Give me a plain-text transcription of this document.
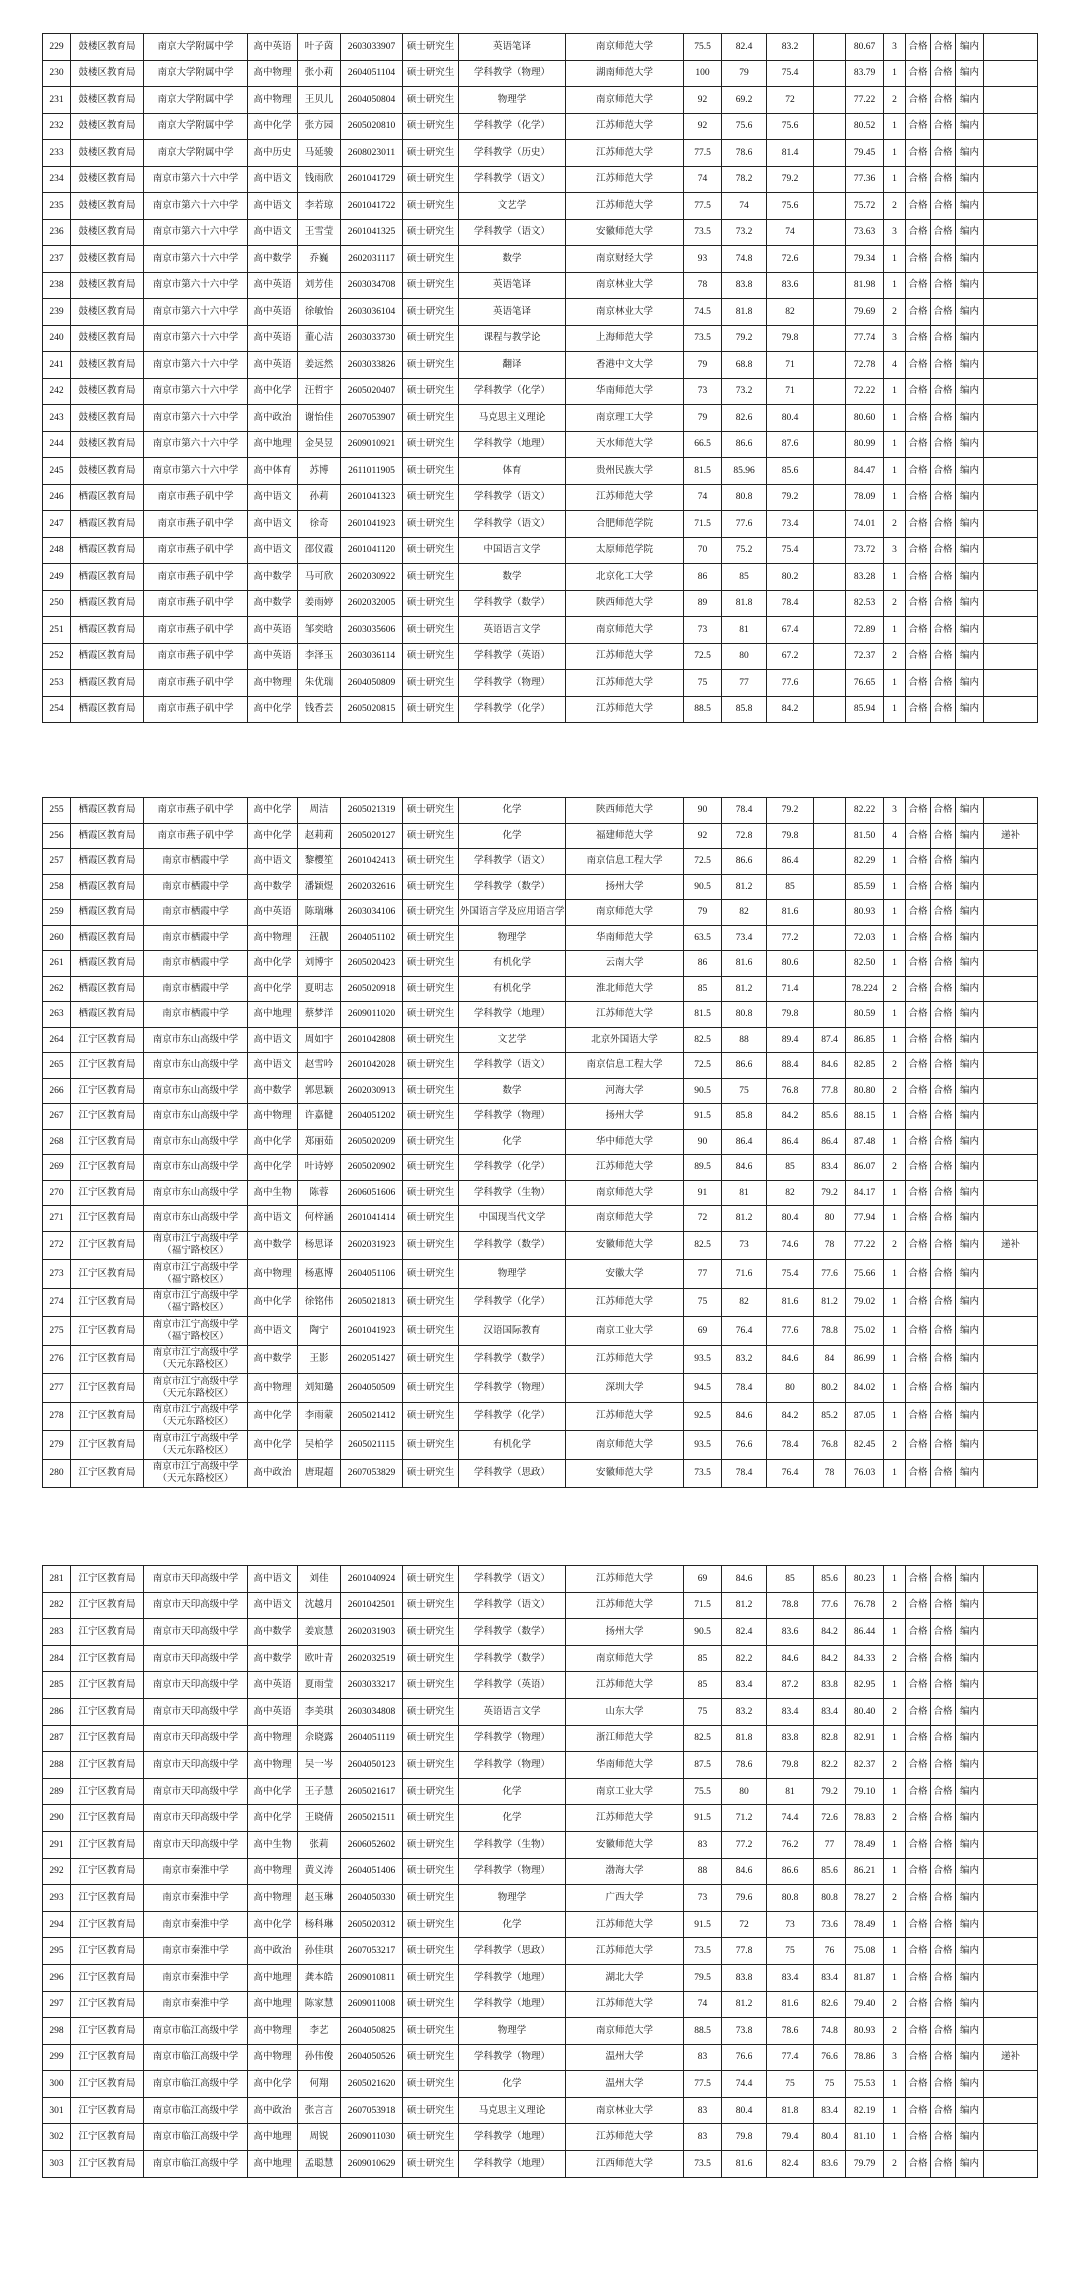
229	鼓楼区教育局	南京大学附属中学	高中英语	叶子茵	2603033907	硕士研究生	英语笔译	南京师范大学	75.5	82.4	83.2		80.67	3	合格	合格	编内	
230	鼓楼区教育局	南京大学附属中学	高中物理	张小莉	2604051104	硕士研究生	学科教学（物理）	湖南师范大学	100	79	75.4		83.79	1	合格	合格	编内	
231	鼓楼区教育局	南京大学附属中学	高中物理	王贝儿	2604050804	硕士研究生	物理学	南京师范大学	92	69.2	72		77.22	2	合格	合格	编内	
232	鼓楼区教育局	南京大学附属中学	高中化学	张方园	2605020810	硕士研究生	学科教学（化学）	江苏师范大学	92	75.6	75.6		80.52	1	合格	合格	编内	
233	鼓楼区教育局	南京大学附属中学	高中历史	马延骏	2608023011	硕士研究生	学科教学（历史）	江苏师范大学	77.5	78.6	81.4		79.45	1	合格	合格	编内	
234	鼓楼区教育局	南京市第六十六中学	高中语文	钱雨欣	2601041729	硕士研究生	学科教学（语文）	江苏师范大学	74	78.2	79.2		77.36	1	合格	合格	编内	
235	鼓楼区教育局	南京市第六十六中学	高中语文	李若琼	2601041722	硕士研究生	文艺学	江苏师范大学	77.5	74	75.6		75.72	2	合格	合格	编内	
236	鼓楼区教育局	南京市第六十六中学	高中语文	王雪莹	2601041325	硕士研究生	学科教学（语文）	安徽师范大学	73.5	73.2	74		73.63	3	合格	合格	编内	
237	鼓楼区教育局	南京市第六十六中学	高中数学	乔巍	2602031117	硕士研究生	数学	南京财经大学	93	74.8	72.6		79.34	1	合格	合格	编内	
238	鼓楼区教育局	南京市第六十六中学	高中英语	刘芳佳	2603034708	硕士研究生	英语笔译	南京林业大学	78	83.8	83.6		81.98	1	合格	合格	编内	
239	鼓楼区教育局	南京市第六十六中学	高中英语	徐敏怡	2603036104	硕士研究生	英语笔译	南京林业大学	74.5	81.8	82		79.69	2	合格	合格	编内	
240	鼓楼区教育局	南京市第六十六中学	高中英语	董心洁	2603033730	硕士研究生	课程与教学论	上海师范大学	73.5	79.2	79.8		77.74	3	合格	合格	编内	
241	鼓楼区教育局	南京市第六十六中学	高中英语	姜远然	2603033826	硕士研究生	翻译	香港中文大学	79	68.8	71		72.78	4	合格	合格	编内	
242	鼓楼区教育局	南京市第六十六中学	高中化学	汪哲宇	2605020407	硕士研究生	学科教学（化学）	华南师范大学	73	73.2	71		72.22	1	合格	合格	编内	
243	鼓楼区教育局	南京市第六十六中学	高中政治	谢怡佳	2607053907	硕士研究生	马克思主义理论	南京理工大学	79	82.6	80.4		80.60	1	合格	合格	编内	
244	鼓楼区教育局	南京市第六十六中学	高中地理	金昊昱	2609010921	硕士研究生	学科教学（地理）	天水师范大学	66.5	86.6	87.6		80.99	1	合格	合格	编内	
245	鼓楼区教育局	南京市第六十六中学	高中体育	苏博	2611011905	硕士研究生	体育	贵州民族大学	81.5	85.96	85.6		84.47	1	合格	合格	编内	
246	栖霞区教育局	南京市燕子矶中学	高中语文	孙莉	2601041323	硕士研究生	学科教学（语文）	江苏师范大学	74	80.8	79.2		78.09	1	合格	合格	编内	
247	栖霞区教育局	南京市燕子矶中学	高中语文	徐奇	2601041923	硕士研究生	学科教学（语文）	合肥师范学院	71.5	77.6	73.4		74.01	2	合格	合格	编内	
248	栖霞区教育局	南京市燕子矶中学	高中语文	邵仪霞	2601041120	硕士研究生	中国语言文学	太原师范学院	70	75.2	75.4		73.72	3	合格	合格	编内	
249	栖霞区教育局	南京市燕子矶中学	高中数学	马可欣	2602030922	硕士研究生	数学	北京化工大学	86	85	80.2		83.28	1	合格	合格	编内	
250	栖霞区教育局	南京市燕子矶中学	高中数学	姜雨婷	2602032005	硕士研究生	学科教学（数学）	陕西师范大学	89	81.8	78.4		82.53	2	合格	合格	编内	
251	栖霞区教育局	南京市燕子矶中学	高中英语	邹奕晗	2603035606	硕士研究生	英语语言文学	南京师范大学	73	81	67.4		72.89	1	合格	合格	编内	
252	栖霞区教育局	南京市燕子矶中学	高中英语	李泽玉	2603036114	硕士研究生	学科教学（英语）	江苏师范大学	72.5	80	67.2		72.37	2	合格	合格	编内	
253	栖霞区教育局	南京市燕子矶中学	高中物理	朱优瑞	2604050809	硕士研究生	学科教学（物理）	江苏师范大学	75	77	77.6		76.65	1	合格	合格	编内	
254	栖霞区教育局	南京市燕子矶中学	高中化学	钱香芸	2605020815	硕士研究生	学科教学（化学）	江苏师范大学	88.5	85.8	84.2		85.94	1	合格	合格	编内	
255	栖霞区教育局	南京市燕子矶中学	高中化学	周洁	2605021319	硕士研究生	化学	陕西师范大学	90	78.4	79.2		82.22	3	合格	合格	编内	
256	栖霞区教育局	南京市燕子矶中学	高中化学	赵莉莉	2605020127	硕士研究生	化学	福建师范大学	92	72.8	79.8		81.50	4	合格	合格	编内	递补
257	栖霞区教育局	南京市栖霞中学	高中语文	黎樱笙	2601042413	硕士研究生	学科教学（语文）	南京信息工程大学	72.5	86.6	86.4		82.29	1	合格	合格	编内	
258	栖霞区教育局	南京市栖霞中学	高中数学	潘颖煜	2602032616	硕士研究生	学科教学（数学）	扬州大学	90.5	81.2	85		85.59	1	合格	合格	编内	
259	栖霞区教育局	南京市栖霞中学	高中英语	陈瑞琳	2603034106	硕士研究生	外国语言学及应用语言学	南京师范大学	79	82	81.6		80.93	1	合格	合格	编内	
260	栖霞区教育局	南京市栖霞中学	高中物理	汪靓	2604051102	硕士研究生	物理学	华南师范大学	63.5	73.4	77.2		72.03	1	合格	合格	编内	
261	栖霞区教育局	南京市栖霞中学	高中化学	刘博宇	2605020423	硕士研究生	有机化学	云南大学	86	81.6	80.6		82.50	1	合格	合格	编内	
262	栖霞区教育局	南京市栖霞中学	高中化学	夏明志	2605020918	硕士研究生	有机化学	淮北师范大学	85	81.2	71.4		78.224	2	合格	合格	编内	
263	栖霞区教育局	南京市栖霞中学	高中地理	蔡梦洋	2609011020	硕士研究生	学科教学（地理）	江苏师范大学	81.5	80.8	79.8		80.59	1	合格	合格	编内	
264	江宁区教育局	南京市东山高级中学	高中语文	周如宇	2601042808	硕士研究生	文艺学	北京外国语大学	82.5	88	89.4	87.4	86.85	1	合格	合格	编内	
265	江宁区教育局	南京市东山高级中学	高中语文	赵雪吟	2601042028	硕士研究生	学科教学（语文）	南京信息工程大学	72.5	86.6	88.4	84.6	82.85	2	合格	合格	编内	
266	江宁区教育局	南京市东山高级中学	高中数学	郭思颖	2602030913	硕士研究生	数学	河海大学	90.5	75	76.8	77.8	80.80	2	合格	合格	编内	
267	江宁区教育局	南京市东山高级中学	高中物理	许嘉健	2604051202	硕士研究生	学科教学（物理）	扬州大学	91.5	85.8	84.2	85.6	88.15	1	合格	合格	编内	
268	江宁区教育局	南京市东山高级中学	高中化学	郑丽茹	2605020209	硕士研究生	化学	华中师范大学	90	86.4	86.4	86.4	87.48	1	合格	合格	编内	
269	江宁区教育局	南京市东山高级中学	高中化学	叶诗婷	2605020902	硕士研究生	学科教学（化学）	江苏师范大学	89.5	84.6	85	83.4	86.07	2	合格	合格	编内	
270	江宁区教育局	南京市东山高级中学	高中生物	陈蓉	2606051606	硕士研究生	学科教学（生物）	南京师范大学	91	81	82	79.2	84.17	1	合格	合格	编内	
271	江宁区教育局	南京市东山高级中学	高中语文	何梓涵	2601041414	硕士研究生	中国现当代文学	南京师范大学	72	81.2	80.4	80	77.94	1	合格	合格	编内	
272	江宁区教育局	南京市江宁高级中学（福宁路校区）	高中数学	杨思译	2602031923	硕士研究生	学科教学（数学）	安徽师范大学	82.5	73	74.6	78	77.22	2	合格	合格	编内	递补
273	江宁区教育局	南京市江宁高级中学（福宁路校区）	高中物理	杨惠博	2604051106	硕士研究生	物理学	安徽大学	77	71.6	75.4	77.6	75.66	1	合格	合格	编内	
274	江宁区教育局	南京市江宁高级中学（福宁路校区）	高中化学	徐铭伟	2605021813	硕士研究生	学科教学（化学）	江苏师范大学	75	82	81.6	81.2	79.02	1	合格	合格	编内	
275	江宁区教育局	南京市江宁高级中学（福宁路校区）	高中语文	陶宁	2601041923	硕士研究生	汉语国际教育	南京工业大学	69	76.4	77.6	78.8	75.02	1	合格	合格	编内	
276	江宁区教育局	南京市江宁高级中学（天元东路校区）	高中数学	王影	2602051427	硕士研究生	学科教学（数学）	江苏师范大学	93.5	83.2	84.6	84	86.99	1	合格	合格	编内	
277	江宁区教育局	南京市江宁高级中学（天元东路校区）	高中物理	刘知璐	2604050509	硕士研究生	学科教学（物理）	深圳大学	94.5	78.4	80	80.2	84.02	1	合格	合格	编内	
278	江宁区教育局	南京市江宁高级中学（天元东路校区）	高中化学	李雨蒙	2605021412	硕士研究生	学科教学（化学）	江苏师范大学	92.5	84.6	84.2	85.2	87.05	1	合格	合格	编内	
279	江宁区教育局	南京市江宁高级中学（天元东路校区）	高中化学	吴柏学	2605021115	硕士研究生	有机化学	南京师范大学	93.5	76.6	78.4	76.8	82.45	2	合格	合格	编内	
280	江宁区教育局	南京市江宁高级中学（天元东路校区）	高中政治	唐琨超	2607053829	硕士研究生	学科教学（思政）	安徽师范大学	73.5	78.4	76.4	78	76.03	1	合格	合格	编内	
281	江宁区教育局	南京市天印高级中学	高中语文	刘佳	2601040924	硕士研究生	学科教学（语文）	江苏师范大学	69	84.6	85	85.6	80.23	1	合格	合格	编内	
282	江宁区教育局	南京市天印高级中学	高中语文	沈越月	2601042501	硕士研究生	学科教学（语文）	江苏师范大学	71.5	81.2	78.8	77.6	76.78	2	合格	合格	编内	
283	江宁区教育局	南京市天印高级中学	高中数学	姜宸慧	2602031903	硕士研究生	学科教学（数学）	扬州大学	90.5	82.4	83.6	84.2	86.44	1	合格	合格	编内	
284	江宁区教育局	南京市天印高级中学	高中数学	欧叶青	2602032519	硕士研究生	学科教学（数学）	南京师范大学	85	82.2	84.6	84.2	84.33	2	合格	合格	编内	
285	江宁区教育局	南京市天印高级中学	高中英语	夏雨莹	2603033217	硕士研究生	学科教学（英语）	江苏师范大学	85	83.4	87.2	83.8	82.95	1	合格	合格	编内	
286	江宁区教育局	南京市天印高级中学	高中英语	李美琪	2603034808	硕士研究生	英语语言文学	山东大学	75	83.2	83.4	83.4	80.40	2	合格	合格	编内	
287	江宁区教育局	南京市天印高级中学	高中物理	佘晓露	2604051119	硕士研究生	学科教学（物理）	浙江师范大学	82.5	81.8	83.8	82.8	82.91	1	合格	合格	编内	
288	江宁区教育局	南京市天印高级中学	高中物理	吴一岑	2604050123	硕士研究生	学科教学（物理）	华南师范大学	87.5	78.6	79.8	82.2	82.37	2	合格	合格	编内	
289	江宁区教育局	南京市天印高级中学	高中化学	王子慧	2605021617	硕士研究生	化学	南京工业大学	75.5	80	81	79.2	79.10	1	合格	合格	编内	
290	江宁区教育局	南京市天印高级中学	高中化学	王晓倩	2605021511	硕士研究生	化学	江苏师范大学	91.5	71.2	74.4	72.6	78.83	2	合格	合格	编内	
291	江宁区教育局	南京市天印高级中学	高中生物	张莉	2606052602	硕士研究生	学科教学（生物）	安徽师范大学	83	77.2	76.2	77	78.49	1	合格	合格	编内	
292	江宁区教育局	南京市秦淮中学	高中物理	黄义涛	2604051406	硕士研究生	学科教学（物理）	渤海大学	88	84.6	86.6	85.6	86.21	1	合格	合格	编内	
293	江宁区教育局	南京市秦淮中学	高中物理	赵玉琳	2604050330	硕士研究生	物理学	广西大学	73	79.6	80.8	80.8	78.27	2	合格	合格	编内	
294	江宁区教育局	南京市秦淮中学	高中化学	杨科琳	2605020312	硕士研究生	化学	江苏师范大学	91.5	72	73	73.6	78.49	1	合格	合格	编内	
295	江宁区教育局	南京市秦淮中学	高中政治	孙佳琪	2607053217	硕士研究生	学科教学（思政）	江苏师范大学	73.5	77.8	75	76	75.08	1	合格	合格	编内	
296	江宁区教育局	南京市秦淮中学	高中地理	龚本皓	2609010811	硕士研究生	学科教学（地理）	湖北大学	79.5	83.8	83.4	83.4	81.87	1	合格	合格	编内	
297	江宁区教育局	南京市秦淮中学	高中地理	陈家慧	2609011008	硕士研究生	学科教学（地理）	江苏师范大学	74	81.2	81.6	82.6	79.40	2	合格	合格	编内	
298	江宁区教育局	南京市临江高级中学	高中物理	李艺	2604050825	硕士研究生	物理学	南京师范大学	88.5	73.8	78.6	74.8	80.93	2	合格	合格	编内	
299	江宁区教育局	南京市临江高级中学	高中物理	孙伟俊	2604050526	硕士研究生	学科教学（物理）	温州大学	83	76.6	77.4	76.6	78.86	3	合格	合格	编内	递补
300	江宁区教育局	南京市临江高级中学	高中化学	何翔	2605021620	硕士研究生	化学	温州大学	77.5	74.4	75	75	75.53	1	合格	合格	编内	
301	江宁区教育局	南京市临江高级中学	高中政治	张言言	2607053918	硕士研究生	马克思主义理论	南京林业大学	83	80.4	81.8	83.4	82.19	1	合格	合格	编内	
302	江宁区教育局	南京市临江高级中学	高中地理	周锐	2609011030	硕士研究生	学科教学（地理）	江苏师范大学	83	79.8	79.4	80.4	81.10	1	合格	合格	编内	
303	江宁区教育局	南京市临江高级中学	高中地理	孟聪慧	2609010629	硕士研究生	学科教学（地理）	江西师范大学	73.5	81.6	82.4	83.6	79.79	2	合格	合格	编内	
